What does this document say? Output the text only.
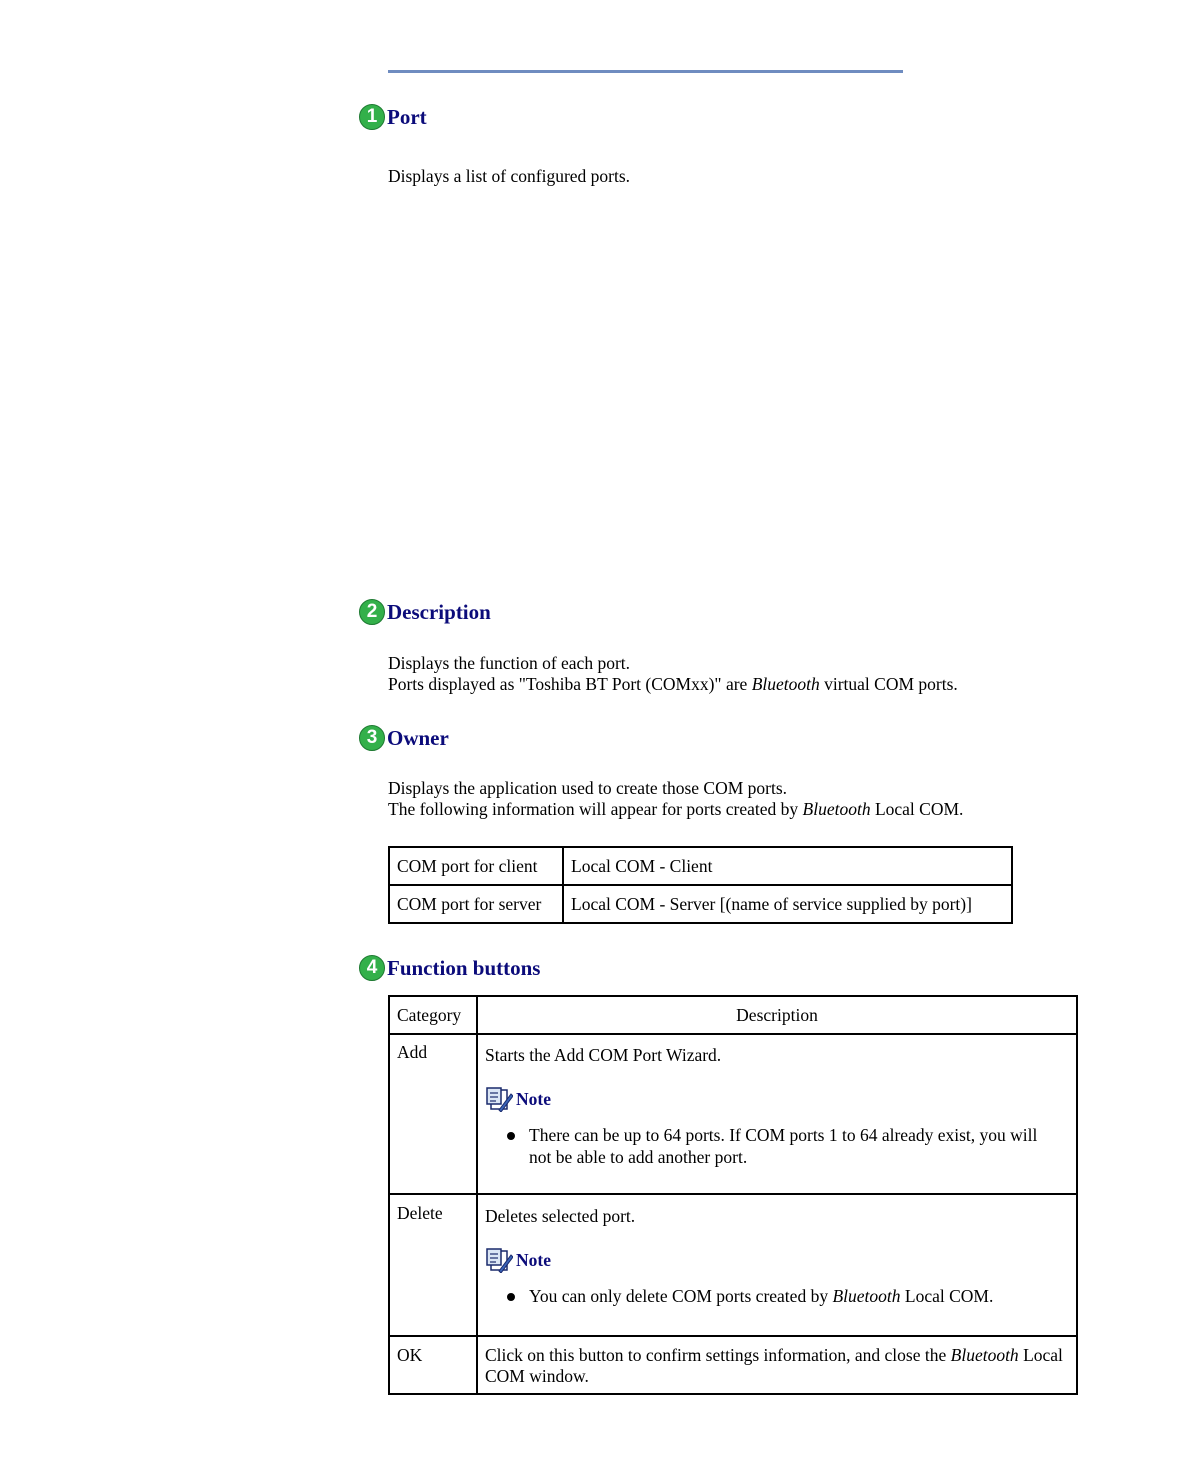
1 Port
Displays a list of configured ports.
2 Description
Displays the function of each port.
Ports displayed as "Toshiba BT Port (COMxx)" are Bluetooth virtual COM ports.
3 Owner
Displays the application used to create those COM ports.
The following information will appear for ports created by Bluetooth Local COM.
COM port for client	Local COM - Client
COM port for server	Local COM - Server [(name of service supplied by port)]
4 Function buttons
Category	Description
Add	Starts the Add COM Port Wizard.
Note
There can be up to 64 ports. If COM ports 1 to 64 already exist, you will not be able to add another port.

Delete	Deletes selected port.
Note
You can only delete COM ports created by Bluetooth Local COM.

OK	Click on this button to confirm settings information, and close the Bluetooth Local COM window.
